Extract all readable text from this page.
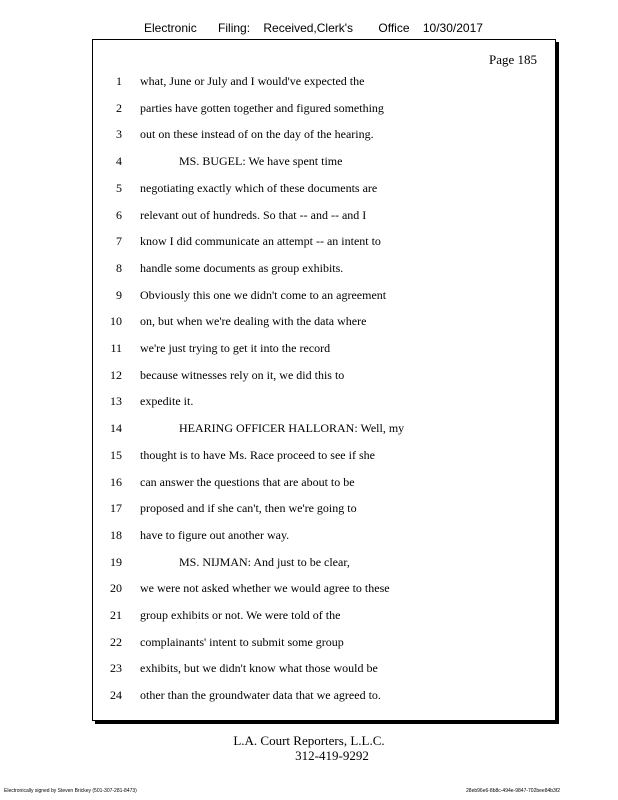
Electronic Filing: Received,Clerk's Office 10/30/2017
Page 185
1 what, June or July and I would've expected the
2 parties have gotten together and figured something
3 out on these instead of on the day of the hearing.
4	MS. BUGEL: We have spent time
5 negotiating exactly which of these documents are
6 relevant out of hundreds. So that -- and -- and I
7 know I did communicate an attempt -- an intent to
8 handle some documents as group exhibits.
9 Obviously this one we didn't come to an agreement
10 on, but when we're dealing with the data where
11 we're just trying to get it into the record
12 because witnesses rely on it, we did this to
13 expedite it.
14	HEARING OFFICER HALLORAN: Well, my
15 thought is to have Ms. Race proceed to see if she
16 can answer the questions that are about to be
17 proposed and if she can't, then we're going to
18 have to figure out another way.
19	MS. NIJMAN: And just to be clear,
20 we were not asked whether we would agree to these
21 group exhibits or not. We were told of the
22 complainants' intent to submit some group
23 exhibits, but we didn't know what those would be
24 other than the groundwater data that we agreed to.
L.A. Court Reporters, L.L.C.
312-419-9292
Electronically signed by Steven Brickey (501-307-281-8473)	28eb96e6-8b8c-494e-9847-702bee84b3f2
